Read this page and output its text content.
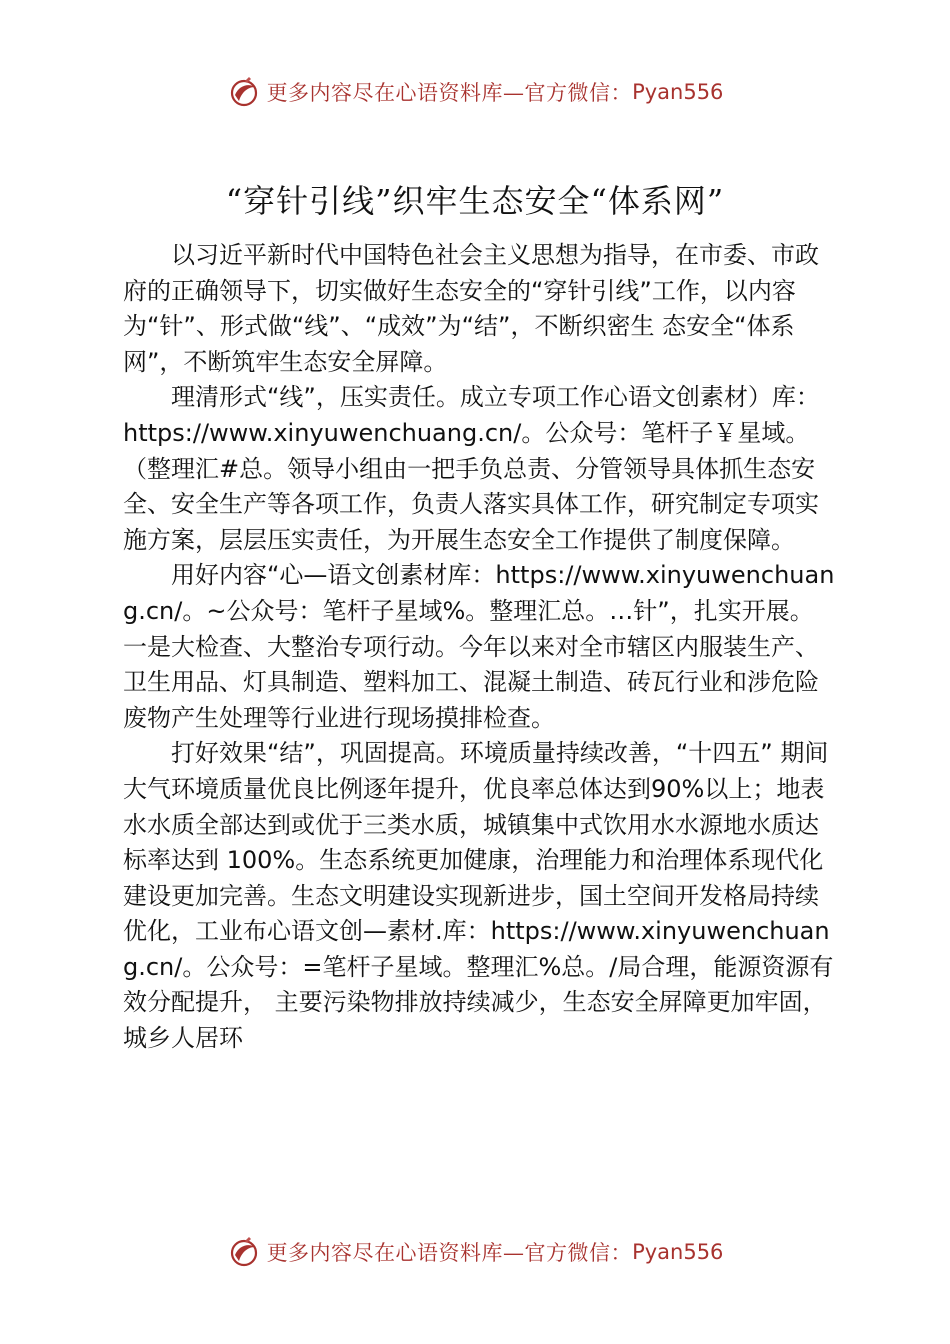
更多内容尽在心语资料库—官方微信： Pyan556
“穿针引线”织牢生态安全“体系网”

以习近平新时代中国特色社会主义思想为指导，在市委、市政府的正确领导下，切实做好生态安全的“穿针引线”工作，以内容为“针”、形式做“线”、“成效”为“结”，不断织密生 态安全“体系网”，不断筑牢生态安全屏障。

理清形式“线”，压实责任。成立专项工作心语文创素材）库：https://www.xinyuwenchuang.cn/。公众号：笔杆子￥星域。（整理汇#总。领导小组由一把手负总责、分管领导具体抓生态安全、安全生产等各项工作，负责人落实具体工作，研究制定专项实施方案，层层压实责任，为开展生态安全工作提供了制度保障。

用好内容“心—语文创素材库：https://www.xinyuwenchuang.cn/。~公众号：笔杆子星域%。整理汇总。…针”，扎实开展。一是大检查、大整治专项行动。今年以来对全市辖区内服装生产、卫生用品、灯具制造、塑料加工、混凝土制造、砖瓦行业和涉危险废物产生处理等行业进行现场摸排检查。

打好效果“结”，巩固提高。环境质量持续改善，“十四五” 期间大气环境质量优良比例逐年提升，优良率总体达到90%以上；地表水水质全部达到或优于三类水质，城镇集中式饮用水水源地水质达标率达到 100%。生态系统更加健康，治理能力和治理体系现代化建设更加完善。生态文明建设实现新进步，国土空间开发格局持续优化，工业布心语文创—素材.库：https://www.xinyuwenchuang.cn/。公众号：=笔杆子星域。整理汇%总。/局合理，能源资源有效分配提升， 主要污染物排放持续减少，生态安全屏障更加牢固，城乡人居环

更多内容尽在心语资料库—官方微信： Pyan556
